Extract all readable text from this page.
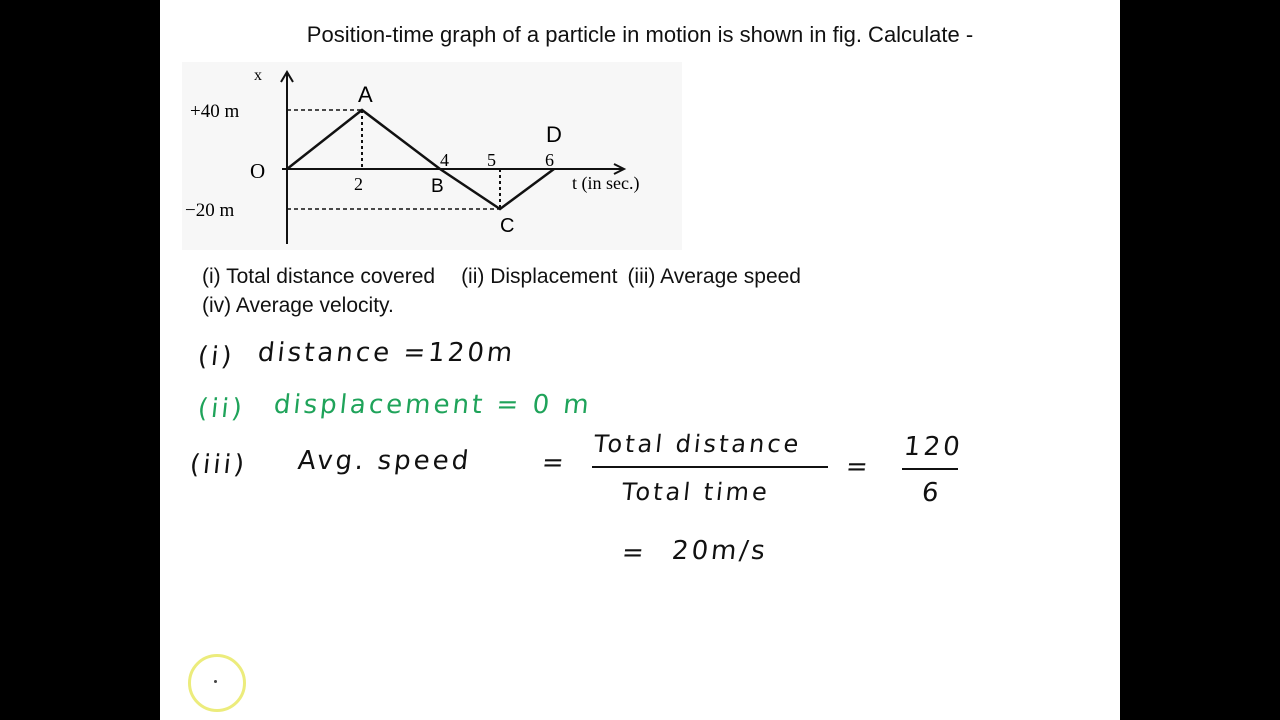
Position-time graph of a particle in motion is shown in fig. Calculate -
x
+40 m
−20 m
O
2
4 5	6
t (in sec.)
A
B
C
D
(i) Total distance covered (ii) Displacement (iii) Average speed
(iv) Average velocity.
(i) distance =120m
(ii) displacement = 0 m
(iii) Avg. speed	=
Total distance
Total time
=
120
6
= 20m/s
